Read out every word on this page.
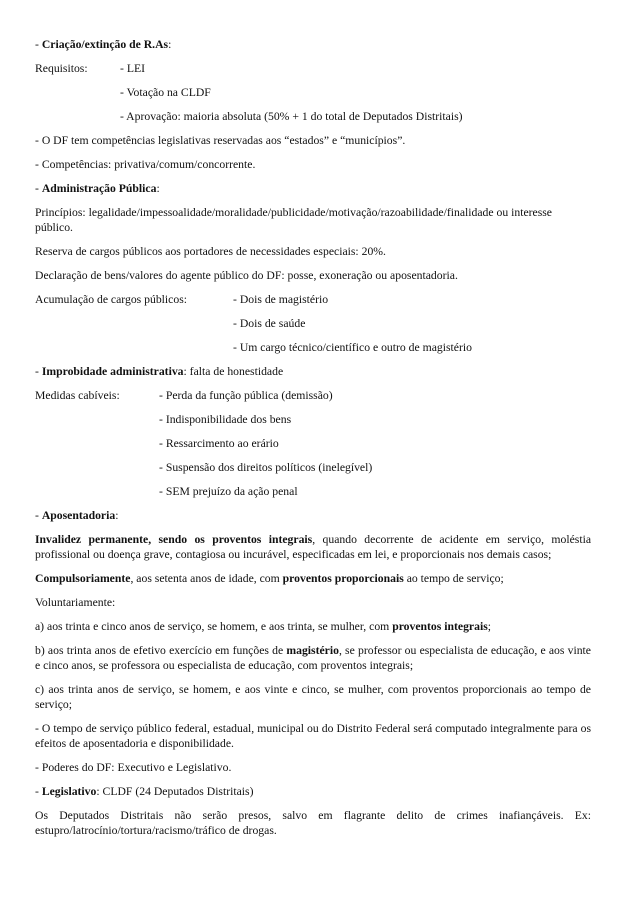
- Criação/extinção de R.As:

Requisitos:	- LEI
- Votação na CLDF
- Aprovação: maioria absoluta (50% + 1 do total de Deputados Distritais)

- O DF tem competências legislativas reservadas aos “estados” e “municípios”.

- Competências: privativa/comum/concorrente.

- Administração Pública:

Princípios: legalidade/impessoalidade/moralidade/publicidade/motivação/razoabilidade/finalidade ou interesse público.

Reserva de cargos públicos aos portadores de necessidades especiais: 20%.

Declaração de bens/valores do agente público do DF: posse, exoneração ou aposentadoria.

Acumulação de cargos públicos:	- Dois de magistério
- Dois de saúde
- Um cargo técnico/científico e outro de magistério

- Improbidade administrativa: falta de honestidade

Medidas cabíveis:	- Perda da função pública (demissão)
- Indisponibilidade dos bens
- Ressarcimento ao erário
- Suspensão dos direitos políticos (inelegível)
- SEM prejuízo da ação penal

- Aposentadoria:

Invalidez permanente, sendo os proventos integrais, quando decorrente de acidente em serviço, moléstia profissional ou doença grave, contagiosa ou incurável, especificadas em lei, e proporcionais nos demais casos;

Compulsoriamente, aos setenta anos de idade, com proventos proporcionais ao tempo de serviço;

Voluntariamente:

a) aos trinta e cinco anos de serviço, se homem, e aos trinta, se mulher, com proventos integrais;

b) aos trinta anos de efetivo exercício em funções de magistério, se professor ou especialista de educação, e aos vinte e cinco anos, se professora ou especialista de educação, com proventos integrais;

c) aos trinta anos de serviço, se homem, e aos vinte e cinco, se mulher, com proventos proporcionais ao tempo de serviço;

- O tempo de serviço público federal, estadual, municipal ou do Distrito Federal será computado integralmente para os efeitos de aposentadoria e disponibilidade.

- Poderes do DF: Executivo e Legislativo.

- Legislativo: CLDF (24 Deputados Distritais)

Os Deputados Distritais não serão presos, salvo em flagrante delito de crimes inafiançáveis. Ex: estupro/latrocínio/tortura/racismo/tráfico de drogas.
